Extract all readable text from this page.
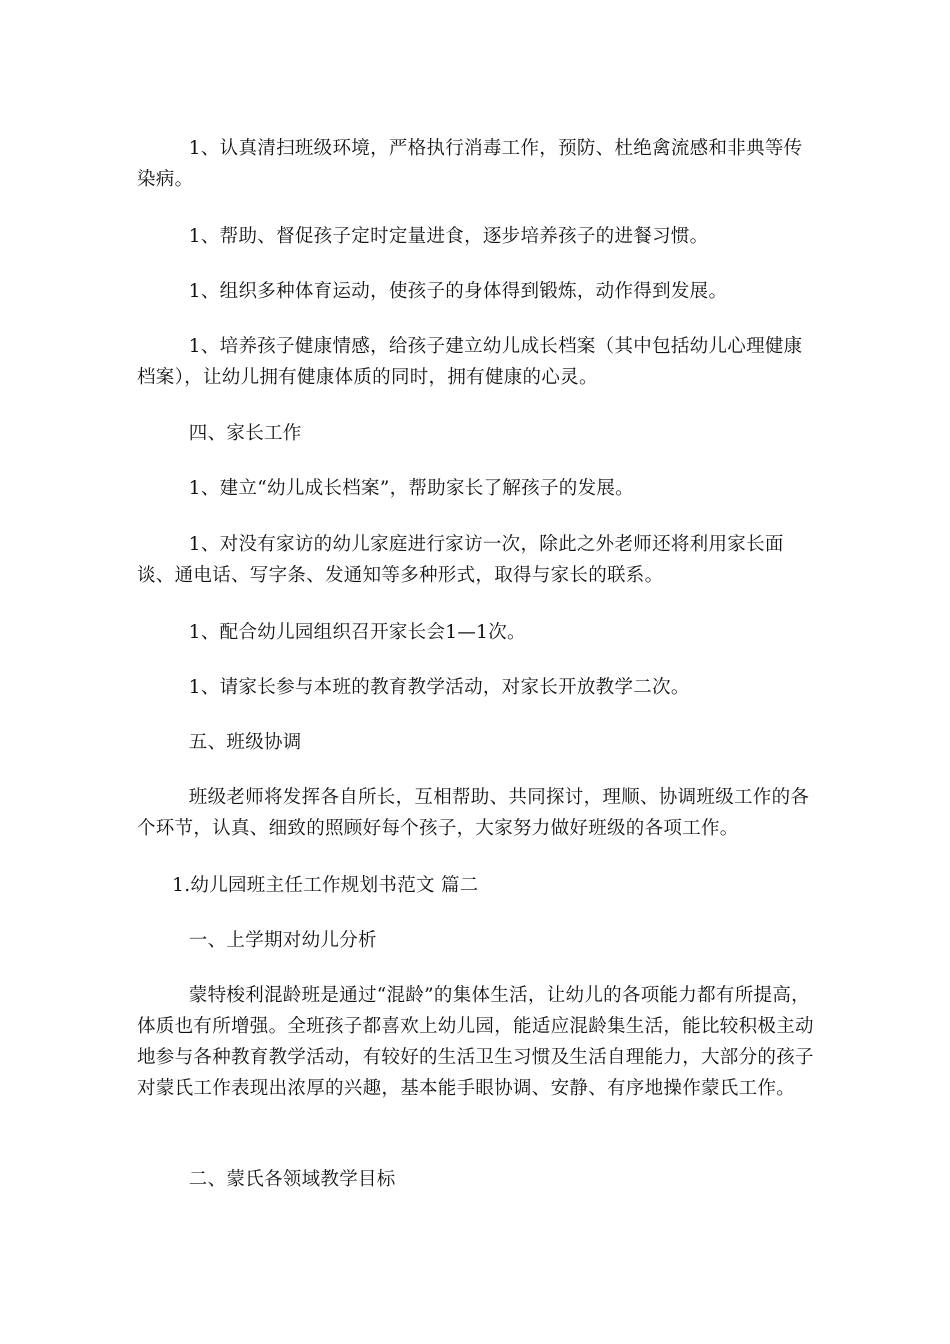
1、认真清扫班级环境，严格执行消毒工作，预防、杜绝禽流感和非典等传染病。

1、帮助、督促孩子定时定量进食，逐步培养孩子的进餐习惯。

1、组织多种体育运动，使孩子的身体得到锻炼，动作得到发展。

1、培养孩子健康情感，给孩子建立幼儿成长档案（其中包括幼儿心理健康档案），让幼儿拥有健康体质的同时，拥有健康的心灵。

四、家长工作

1、建立“幼儿成长档案”，帮助家长了解孩子的发展。

1、对没有家访的幼儿家庭进行家访一次，除此之外老师还将利用家长面谈、通电话、写字条、发通知等多种形式，取得与家长的联系。

1、配合幼儿园组织召开家长会1—1次。

1、请家长参与本班的教育教学活动，对家长开放教学二次。

五、班级协调

班级老师将发挥各自所长，互相帮助、共同探讨，理顺、协调班级工作的各个环节，认真、细致的照顾好每个孩子，大家努力做好班级的各项工作。

1.幼儿园班主任工作规划书范文 篇二

一、上学期对幼儿分析

蒙特梭利混龄班是通过“混龄”的集体生活，让幼儿的各项能力都有所提高，体质也有所增强。全班孩子都喜欢上幼儿园，能适应混龄集生活，能比较积极主动地参与各种教育教学活动，有较好的生活卫生习惯及生活自理能力，大部分的孩子对蒙氏工作表现出浓厚的兴趣，基本能手眼协调、安静、有序地操作蒙氏工作。

二、蒙氏各领域教学目标
